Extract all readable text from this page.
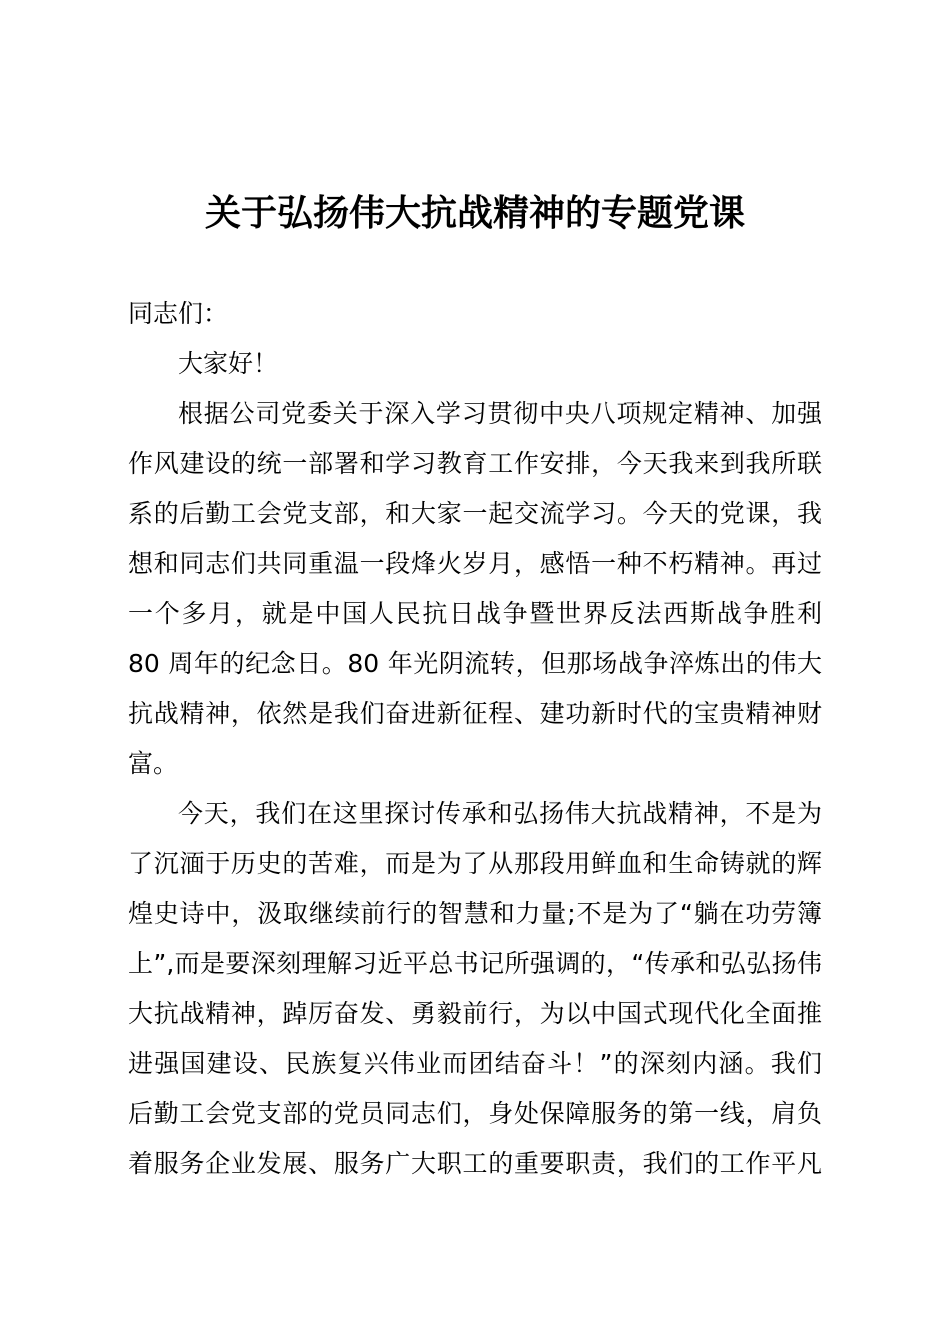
关于弘扬伟大抗战精神的专题党课
同志们：
大家好！
根据公司党委关于深入学习贯彻中央八项规定精神、加强
作风建设的统一部署和学习教育工作安排，今天我来到我所联
系的后勤工会党支部，和大家一起交流学习。今天的党课，我
想和同志们共同重温一段烽火岁月，感悟一种不朽精神。再过
一个多月，就是中国人民抗日战争暨世界反法西斯战争胜利
80 周年的纪念日。80 年光阴流转，但那场战争淬炼出的伟大
抗战精神，依然是我们奋进新征程、建功新时代的宝贵精神财
富。
今天，我们在这里探讨传承和弘扬伟大抗战精神，不是为
了沉湎于历史的苦难，而是为了从那段用鲜血和生命铸就的辉
煌史诗中，汲取继续前行的智慧和力量;不是为了“躺在功劳簿
上”,而是要深刻理解习近平总书记所强调的，“传承和弘弘扬伟
大抗战精神，踔厉奋发、勇毅前行，为以中国式现代化全面推
进强国建设、民族复兴伟业而团结奋斗！”的深刻内涵。我们
后勤工会党支部的党员同志们，身处保障服务的第一线，肩负
着服务企业发展、服务广大职工的重要职责，我们的工作平凡
